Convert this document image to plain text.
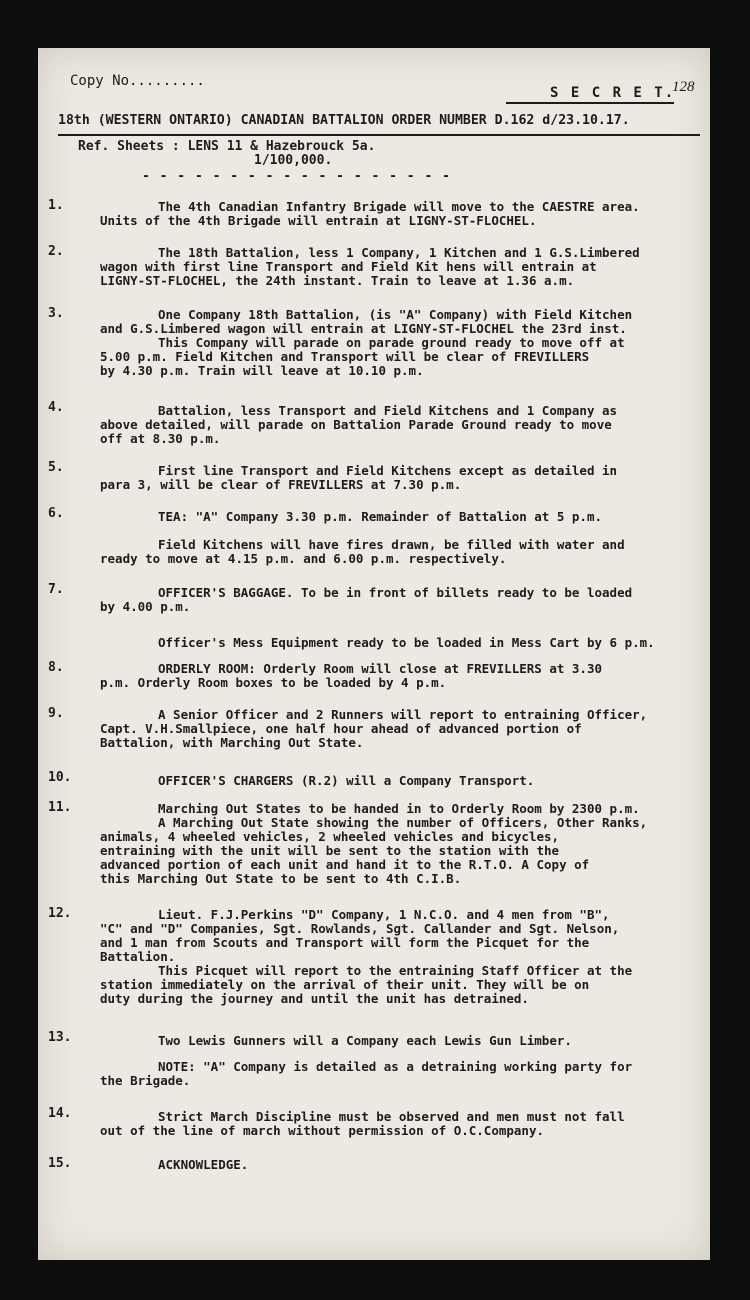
Copy No.........
S E C R E T.
128
18th (WESTERN ONTARIO) CANADIAN BATTALION ORDER NUMBER D.162 d/23.10.17.
Ref. Sheets : LENS 11 & Hazebrouck 5a.
1/100,000.
- - - - - - - - - - - - - - - - - -
1.	The 4th Canadian Infantry Brigade will move to the CAESTRE area.
Units of the 4th Brigade will entrain at LIGNY-ST-FLOCHEL.
2.	The 18th Battalion, less 1 Company, 1 Kitchen and 1 G.S.Limbered
wagon with first line Transport and Field Kit hens will entrain at
LIGNY-ST-FLOCHEL, the 24th instant. Train to leave at 1.36 a.m.
3.	One Company 18th Battalion, (is "A" Company) with Field Kitchen
and G.S.Limbered wagon will entrain at LIGNY-ST-FLOCHEL the 23rd inst.
This Company will parade on parade ground ready to move off at
5.00 p.m. Field Kitchen and Transport will be clear of FREVILLERS
by 4.30 p.m. Train will leave at 10.10 p.m.
4.	Battalion, less Transport and Field Kitchens and 1 Company as
above detailed, will parade on Battalion Parade Ground ready to move
off at 8.30 p.m.
5.	First line Transport and Field Kitchens except as detailed in
para 3, will be clear of FREVILLERS at 7.30 p.m.
6.	TEA: "A" Company 3.30 p.m. Remainder of Battalion at 5 p.m.
Field Kitchens will have fires drawn, be filled with water and
ready to move at 4.15 p.m. and 6.00 p.m. respectively.
7.	OFFICER'S BAGGAGE. To be in front of billets ready to be loaded
by 4.00 p.m.
Officer's Mess Equipment ready to be loaded in Mess Cart by 6 p.m.
8.	ORDERLY ROOM: Orderly Room will close at FREVILLERS at 3.30
p.m. Orderly Room boxes to be loaded by 4 p.m.
9.	A Senior Officer and 2 Runners will report to entraining Officer,
Capt. V.H.Smallpiece, one half hour ahead of advanced portion of
Battalion, with Marching Out State.
10.	OFFICER'S CHARGERS (R.2) will a Company Transport.
11.	Marching Out States to be handed in to Orderly Room by 2300 p.m.
A Marching Out State showing the number of Officers, Other Ranks,
animals, 4 wheeled vehicles, 2 wheeled vehicles and bicycles,
entraining with the unit will be sent to the station with the
advanced portion of each unit and hand it to the R.T.O. A Copy of
this Marching Out State to be sent to 4th C.I.B.
12.	Lieut. F.J.Perkins "D" Company, 1 N.C.O. and 4 men from "B",
"C" and "D" Companies, Sgt. Rowlands, Sgt. Callander and Sgt. Nelson,
and 1 man from Scouts and Transport will form the Picquet for the
Battalion.
This Picquet will report to the entraining Staff Officer at the
station immediately on the arrival of their unit. They will be on
duty during the journey and until the unit has detrained.
13.	Two Lewis Gunners will a Company each Lewis Gun Limber.
NOTE: "A" Company is detailed as a detraining working party for
the Brigade.
14.	Strict March Discipline must be observed and men must not fall
out of the line of march without permission of O.C.Company.
15.	ACKNOWLEDGE.
